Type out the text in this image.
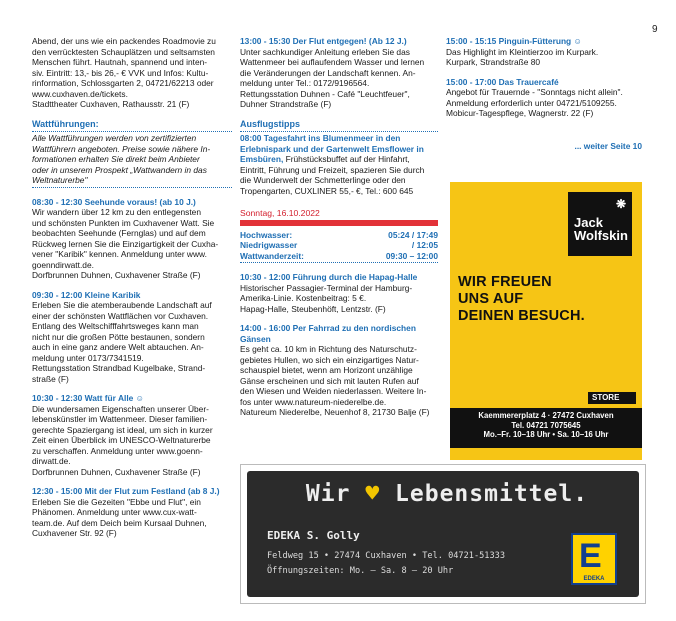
9
Abend, der uns wie ein packendes Roadmovie zu
den verrücktesten Schauplätzen und seltsamsten
Menschen führt. Hautnah, spannend und inten-
siv. Eintritt: 13,- bis 26,- € VVK und Infos: Kultu-
rinformation, Schlossgarten 2, 04721/62213 oder
www.cuxhaven.de/tickets.
Stadttheater Cuxhaven, Rathausstr. 21 (F)
Wattführungen:
Alle Wattführungen werden von zertifizierten
Wattführern angeboten. Preise sowie nähere In-
formationen erhalten Sie direkt beim Anbieter
oder in unserem Prospekt „Wattwandern in das
Weltnaturerbe"
08:30 - 12:30 Seehunde voraus! (ab 10 J.)
Wir wandern über 12 km zu den entlegensten
und schönsten Punkten im Cuxhavener Watt. Sie
beobachten Seehunde (Fernglas) und auf dem
Rückweg lernen Sie die Einzigartigkeit der Cuxha-
vener "Karibik" kennen. Anmeldung unter www.
goenndirwatt.de.
Dorfbrunnen Duhnen, Cuxhavener Straße (F)
09:30 - 12:00 Kleine Karibik
Erleben Sie die atemberaubende Landschaft auf
einer der schönsten Wattflächen vor Cuxhaven.
Entlang des Weltschifffahrtsweges kann man
nicht nur die großen Pötte bestaunen, sondern
auch in eine ganz andere Welt abtauchen. An-
meldung unter 0173/7341519.
Rettungsstation Strandbad Kugelbake, Strand-
straße (F)
10:30 - 12:30 Watt für Alle ☺
Die wundersamen Eigenschaften unserer Über-
lebenskünstler im Wattenmeer. Dieser familien-
gerechte Spaziergang ist ideal, um sich in kurzer
Zeit einen Überblick im UNESCO-Weltnaturerbe
zu verschaffen. Anmeldung unter www.goenn-
dirwatt.de.
Dorfbrunnen Duhnen, Cuxhavener Straße (F)
12:30 - 15:00 Mit der Flut zum Festland (ab 8 J.)
Erleben Sie die Gezeiten "Ebbe und Flut", ein
Phänomen. Anmeldung unter www.cux-watt-
team.de. Auf dem Deich beim Kursaal Duhnen,
Cuxhavener Str. 92 (F)
13:00 - 15:30 Der Flut entgegen! (Ab 12 J.)
Unter sachkundiger Anleitung erleben Sie das
Wattenmeer bei auflaufendem Wasser und lernen
die Veränderungen der Landschaft kennen. An-
meldung unter Tel.: 0172/9196564.
Rettungsstation Duhnen - Café "Leuchtfeuer",
Duhner Strandstraße (F)
Ausflugstipps
08:00 Tagesfahrt ins Blumenmeer in den
Erlebnispark und der Gartenwelt Emsflower in
Emsbüren, Frühstücksbuffet auf der Hinfahrt,
Eintritt, Führung und Freizeit, spazieren Sie durch
die Wunderwelt der Schmetterlinge oder den
Tropengarten, CUXLINER 55,- €, Tel.: 600 645
Sonntag, 16.10.2022
Hochwasser:	05:24 / 17:49
Niedrigwasser	/ 12:05
Wattwanderzeit:	09:30 – 12:00
10:30 - 12:00 Führung durch die Hapag-Halle
Historischer Passagier-Terminal der Hamburg-
Amerika-Linie. Kostenbeitrag: 5 €.
Hapag-Halle, Steubenhöft, Lentzstr. (F)
14:00 - 16:00 Per Fahrrad zu den nordischen Gänsen
Es geht ca. 10 km in Richtung des Naturschutz-
gebietes Hullen, wo sich ein einzigartiges Natur-
schauspiel bietet, wenn am Horizont unzählige
Gänse erscheinen und sich mit lauten Rufen auf
den Wiesen und Weiden niederlassen. Weitere In-
fos unter www.natureum-niederelbe.de.
Natureum Niederelbe, Neuenhof 8, 21730 Balje (F)
15:00 - 15:15 Pinguin-Fütterung ☺
Das Highlight im Kleintierzoo im Kurpark.
Kurpark, Strandstraße 80
15:00 - 17:00 Das Trauercafé
Angebot für Trauernde - "Sonntags nicht allein".
Anmeldung erforderlich unter 04721/5109255.
Mobicur-Tagespflege, Wagnerstr. 22 (F)
... weiter Seite 10
❋
Jack
Wolfskin
WIR FREUEN
UNS AUF
DEINEN BESUCH.
STORE
Kaemmererplatz 4 · 27472 Cuxhaven
Tel. 04721 7075645
Mo.–Fr. 10–18 Uhr • Sa. 10–16 Uhr
Wir ♥ Lebensmittel.
EDEKA S. Golly
Feldweg 15 • 27474 Cuxhaven • Tel. 04721-51333
Öffnungszeiten: Mo. – Sa. 8 – 20 Uhr	E
EDEKA
